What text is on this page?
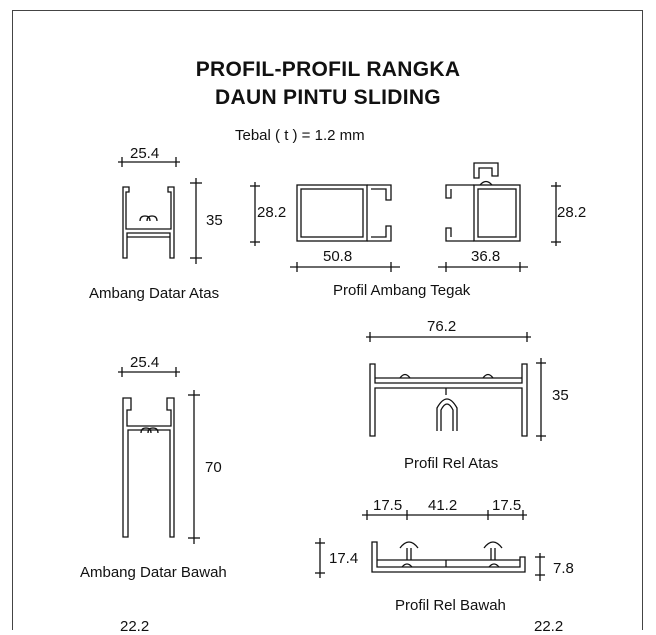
PROFIL-PROFIL RANGKA
DAUN PINTU SLIDING
Tebal ( t ) = 1.2 mm
25.4
35
Ambang Datar Atas
28.2
50.8	36.8
28.2
Profil Ambang Tegak
25.4
70
Ambang Datar Bawah
76.2
35
Profil Rel Atas
17.5 41.2 17.5
17.4
7.8
Profil Rel Bawah
22.2	22.2
